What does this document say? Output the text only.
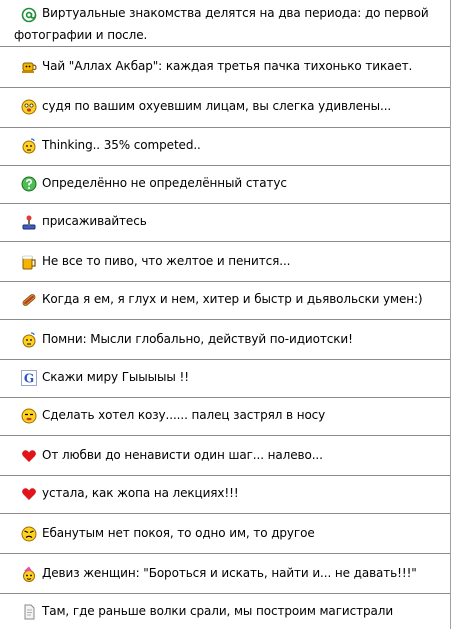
Виртуальные знакомства делятся на два периода: до первой фотографии и после.
Чай "Аллах Акбар": каждая третья пачка тихонько тикает.
судя по вашим охуевшим лицам, вы слегка удивлены...
Thinking.. 35% competed..
Определённо не определённый статус
присаживайтесь
Не все то пиво, что желтое и пенится...
Когда я ем, я глух и нем, хитер и быстр и дьявольски умен:)
Помни: Мысли глобально, действуй по-идиотски!
G Скажи миру Гыыыыы !!
Сделать хотел козу...... палец застрял в носу
От любви до ненависти один шаг... налево...
устала, как жопа на лекциях!!!
Ебанутым нет покоя, то одно им, то другое
Девиз женщин: "Бороться и искать, найти и... не давать!!!"
Там, где раньше волки срали, мы построим магистрали
